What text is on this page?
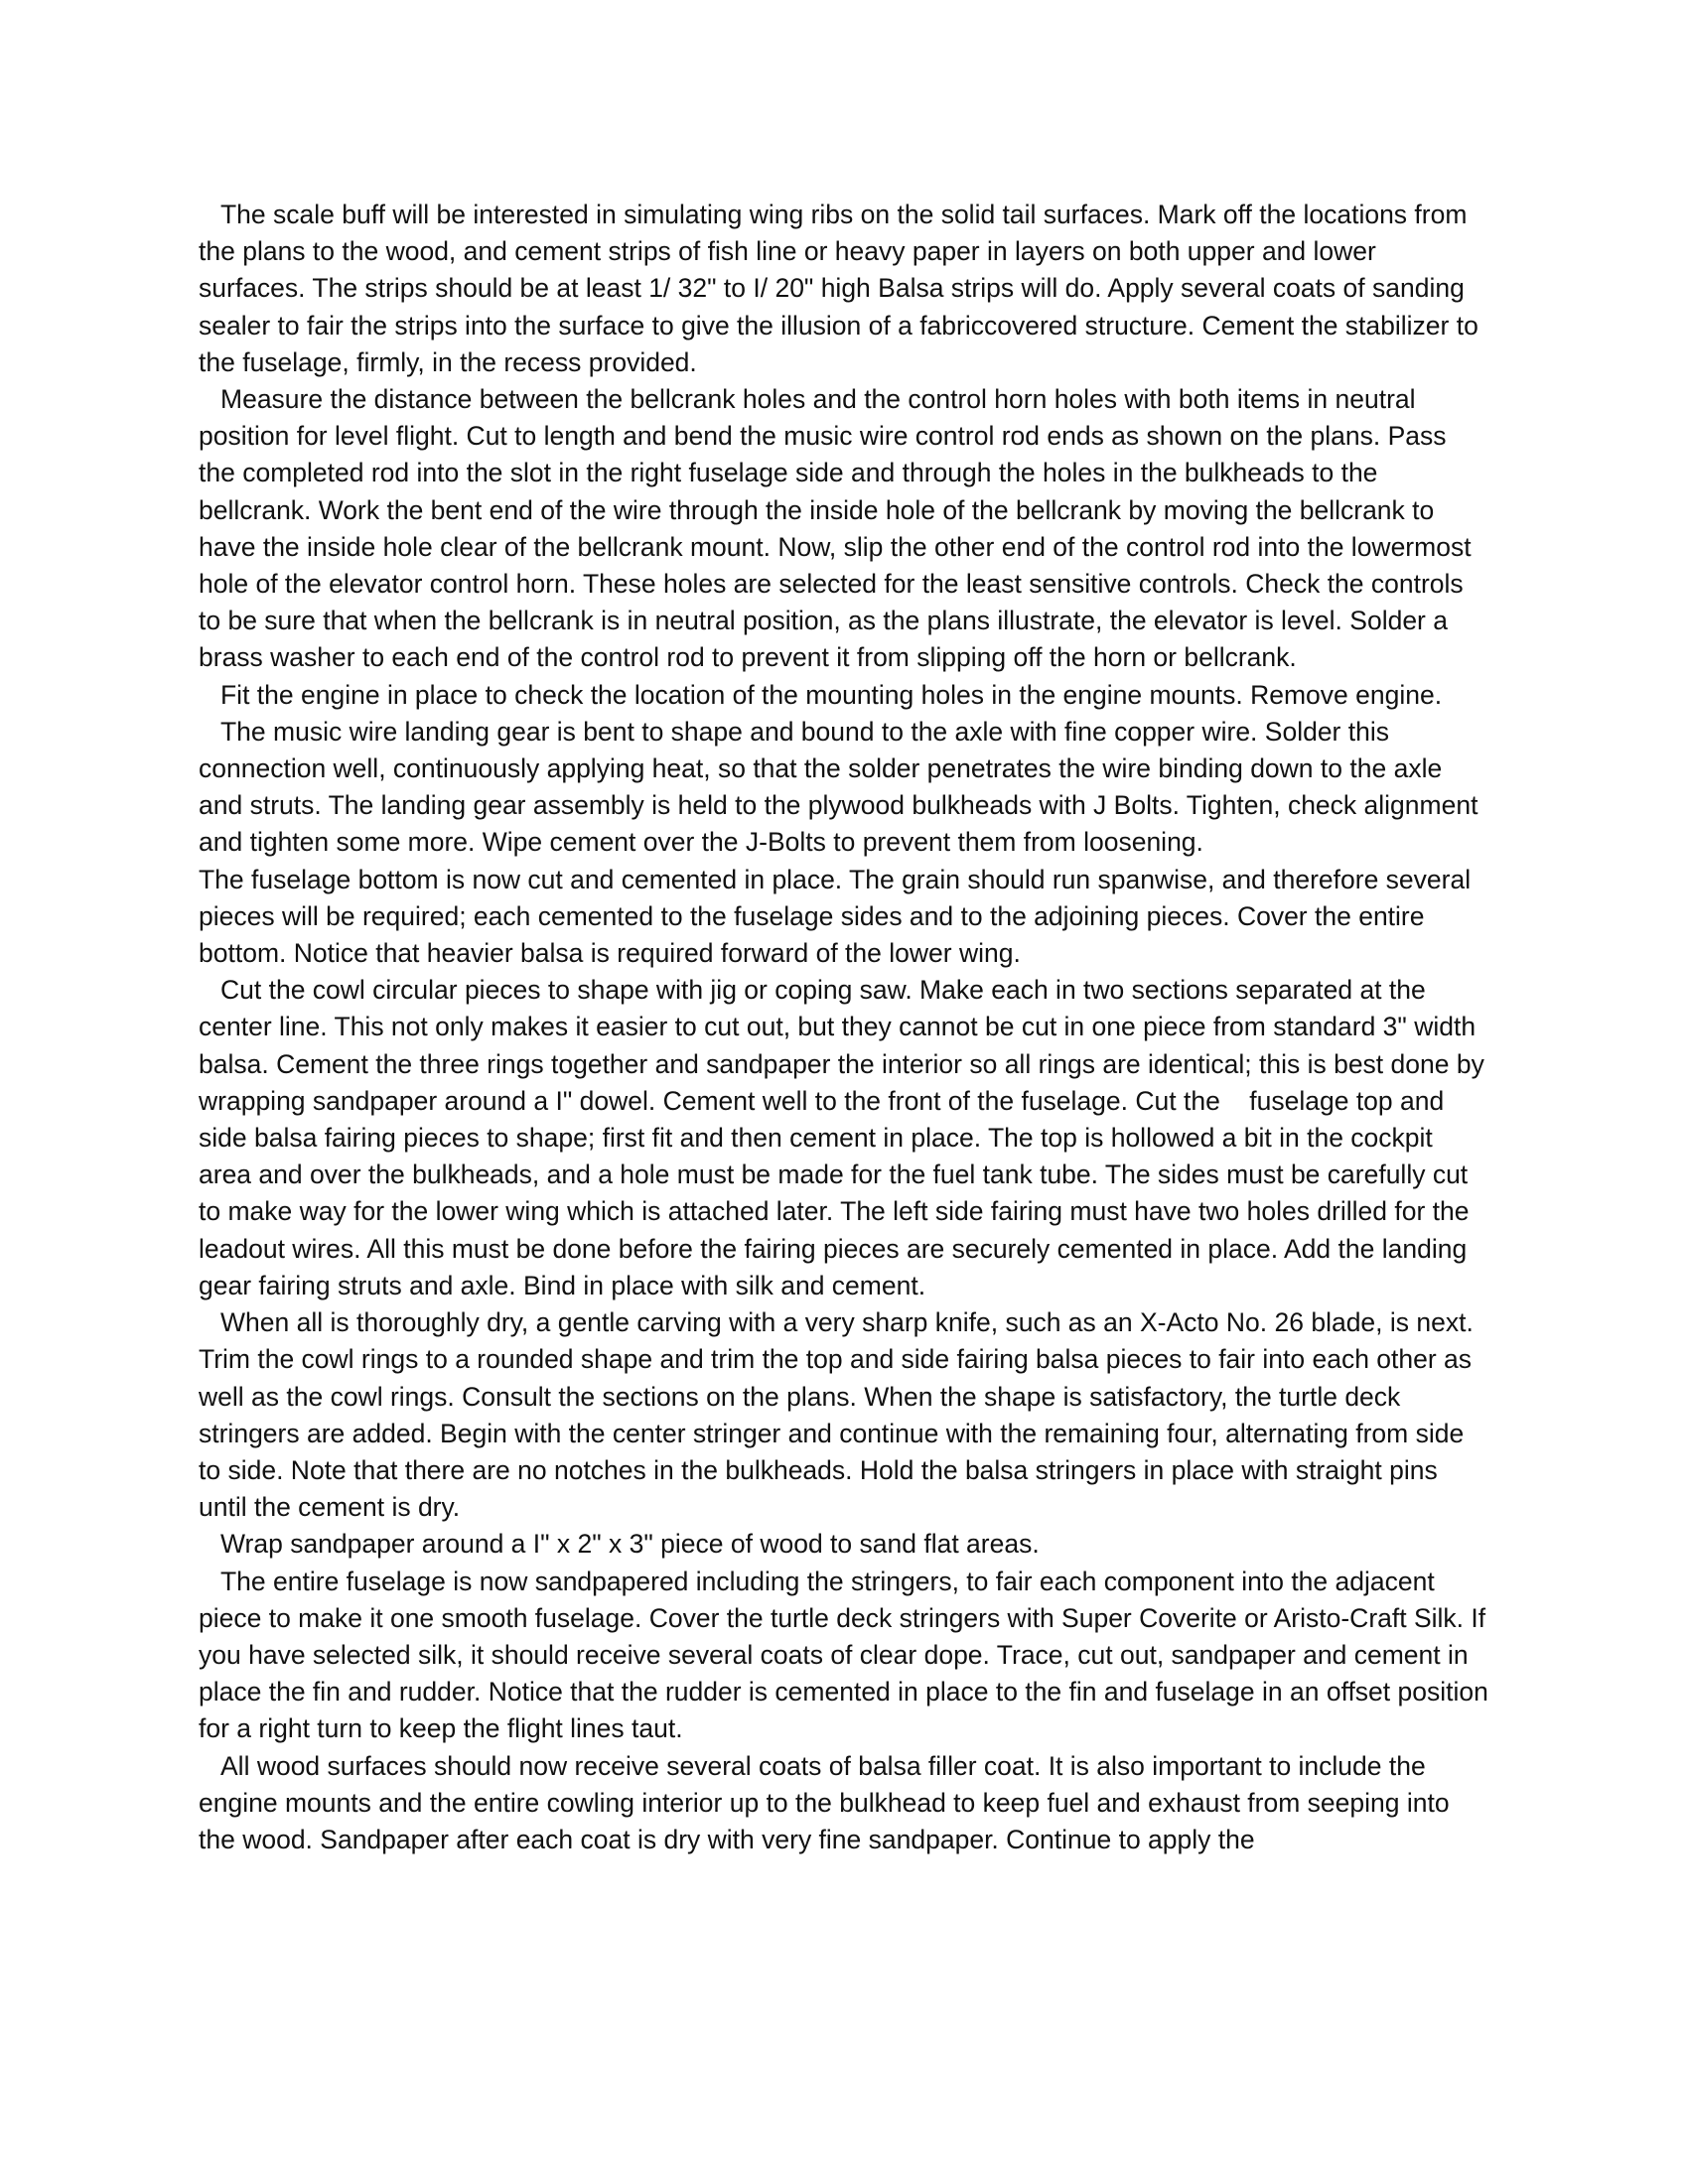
The scale buff will be interested in simulating wing ribs on the solid tail surfaces. Mark off the locations from the plans to the wood, and cement strips of fish line or heavy paper in layers on both upper and lower surfaces. The strips should be at least 1/ 32" to I/ 20" high Balsa strips will do. Apply several coats of sanding sealer to fair the strips into the surface to give the illusion of a fabriccovered structure. Cement the stabilizer to the fuselage, firmly, in the recess provided.

Measure the distance between the bellcrank holes and the control horn holes with both items in neutral position for level flight. Cut to length and bend the music wire control rod ends as shown on the plans. Pass the completed rod into the slot in the right fuselage side and through the holes in the bulkheads to the bellcrank. Work the bent end of the wire through the inside hole of the bellcrank by moving the bellcrank to have the inside hole clear of the bellcrank mount. Now, slip the other end of the control rod into the lowermost hole of the elevator control horn. These holes are selected for the least sensitive controls. Check the controls to be sure that when the bellcrank is in neutral position, as the plans illustrate, the elevator is level. Solder a brass washer to each end of the control rod to prevent it from slipping off the horn or bellcrank.

Fit the engine in place to check the location of the mounting holes in the engine mounts. Remove engine.

The music wire landing gear is bent to shape and bound to the axle with fine copper wire. Solder this connection well, continuously applying heat, so that the solder penetrates the wire binding down to the axle and struts. The landing gear assembly is held to the plywood bulkheads with J Bolts. Tighten, check alignment and tighten some more. Wipe cement over the J-Bolts to prevent them from loosening.

The fuselage bottom is now cut and cemented in place. The grain should run spanwise, and therefore several pieces will be required; each cemented to the fuselage sides and to the adjoining pieces. Cover the entire bottom. Notice that heavier balsa is required forward of the lower wing.

Cut the cowl circular pieces to shape with jig or coping saw. Make each in two sections separated at the center line. This not only makes it easier to cut out, but they cannot be cut in one piece from standard 3" width balsa. Cement the three rings together and sandpaper the interior so all rings are identical; this is best done by wrapping sandpaper around a I" dowel. Cement well to the front of the fuselage. Cut the    fuselage top and side balsa fairing pieces to shape; first fit and then cement in place. The top is hollowed a bit in the cockpit area and over the bulkheads, and a hole must be made for the fuel tank tube. The sides must be carefully cut to make way for the lower wing which is attached later. The left side fairing must have two holes drilled for the leadout wires. All this must be done before the fairing pieces are securely cemented in place. Add the landing gear fairing struts and axle. Bind in place with silk and cement.

When all is thoroughly dry, a gentle carving with a very sharp knife, such as an X-Acto No. 26 blade, is next. Trim the cowl rings to a rounded shape and trim the top and side fairing balsa pieces to fair into each other as well as the cowl rings. Consult the sections on the plans. When the shape is satisfactory, the turtle deck stringers are added. Begin with the center stringer and continue with the remaining four, alternating from side to side. Note that there are no notches in the bulkheads. Hold the balsa stringers in place with straight pins until the cement is dry.

Wrap sandpaper around a I" x 2" x 3" piece of wood to sand flat areas.

The entire fuselage is now sandpapered including the stringers, to fair each component into the adjacent piece to make it one smooth fuselage. Cover the turtle deck stringers with Super Coverite or Aristo-Craft Silk. If you have selected silk, it should receive several coats of clear dope. Trace, cut out, sandpaper and cement in place the fin and rudder. Notice that the rudder is cemented in place to the fin and fuselage in an offset position for a right turn to keep the flight lines taut.

All wood surfaces should now receive several coats of balsa filler coat. It is also important to include the engine mounts and the entire cowling interior up to the bulkhead to keep fuel and exhaust from seeping into the wood. Sandpaper after each coat is dry with very fine sandpaper. Continue to apply the
